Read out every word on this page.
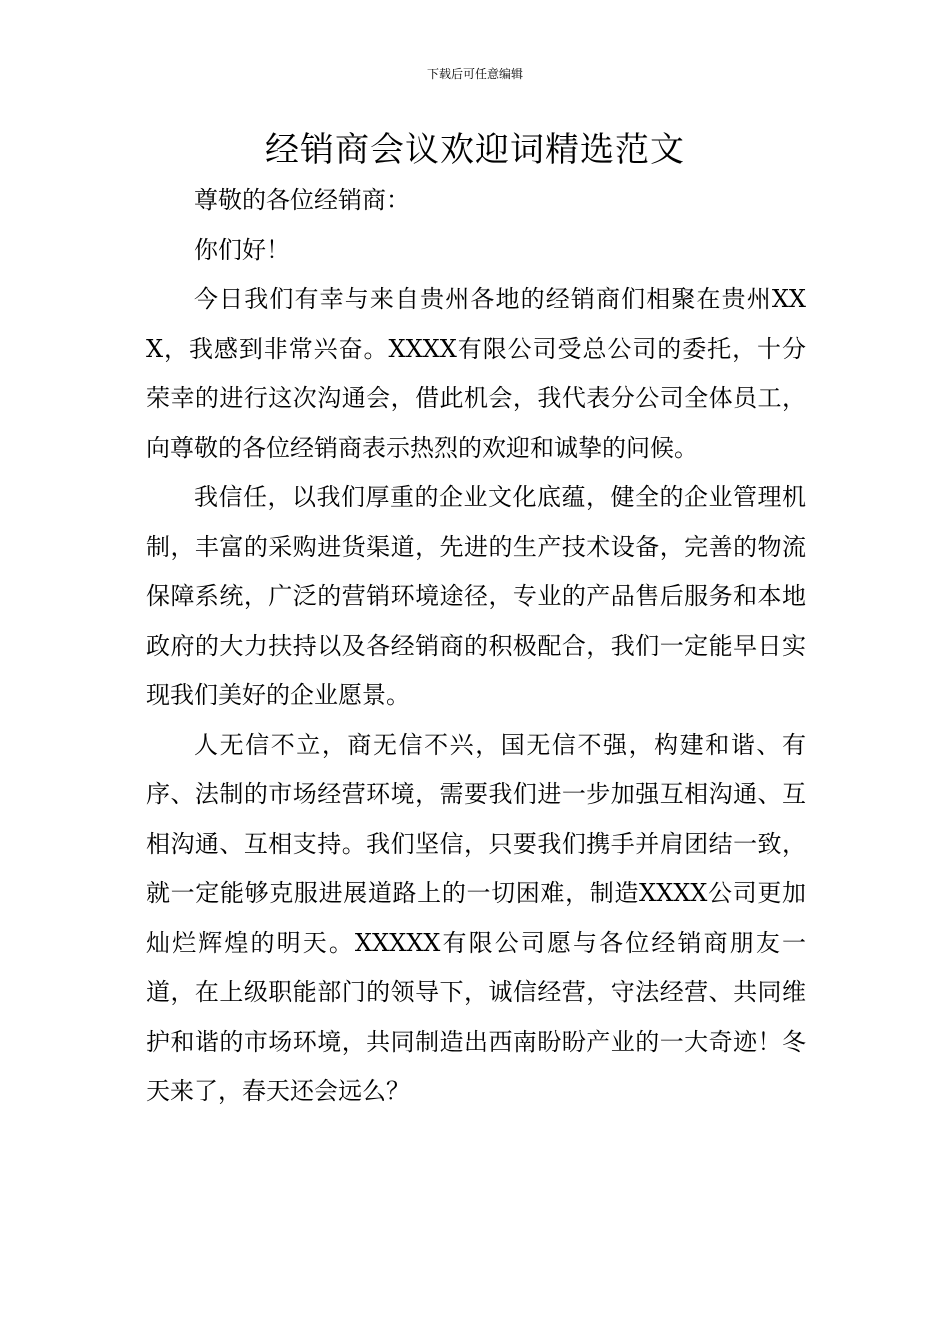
下载后可任意编辑
经销商会议欢迎词精选范文

尊敬的各位经销商：

你们好！

今日我们有幸与来自贵州各地的经销商们相聚在贵州XXX，我感到非常兴奋。XXXX有限公司受总公司的委托，十分荣幸的进行这次沟通会，借此机会，我代表分公司全体员工，向尊敬的各位经销商表示热烈的欢迎和诚挚的问候。

我信任，以我们厚重的企业文化底蕴，健全的企业管理机制，丰富的采购进货渠道，先进的生产技术设备，完善的物流保障系统，广泛的营销环境途径，专业的产品售后服务和本地政府的大力扶持以及各经销商的积极配合，我们一定能早日实现我们美好的企业愿景。

人无信不立，商无信不兴，国无信不强，构建和谐、有序、法制的市场经营环境，需要我们进一步加强互相沟通、互相沟通、互相支持。我们坚信，只要我们携手并肩团结一致，就一定能够克服进展道路上的一切困难，制造XXXX公司更加灿烂辉煌的明天。XXXXX有限公司愿与各位经销商朋友一道，在上级职能部门的领导下，诚信经营，守法经营、共同维护和谐的市场环境，共同制造出西南盼盼产业的一大奇迹！冬天来了，春天还会远么？
